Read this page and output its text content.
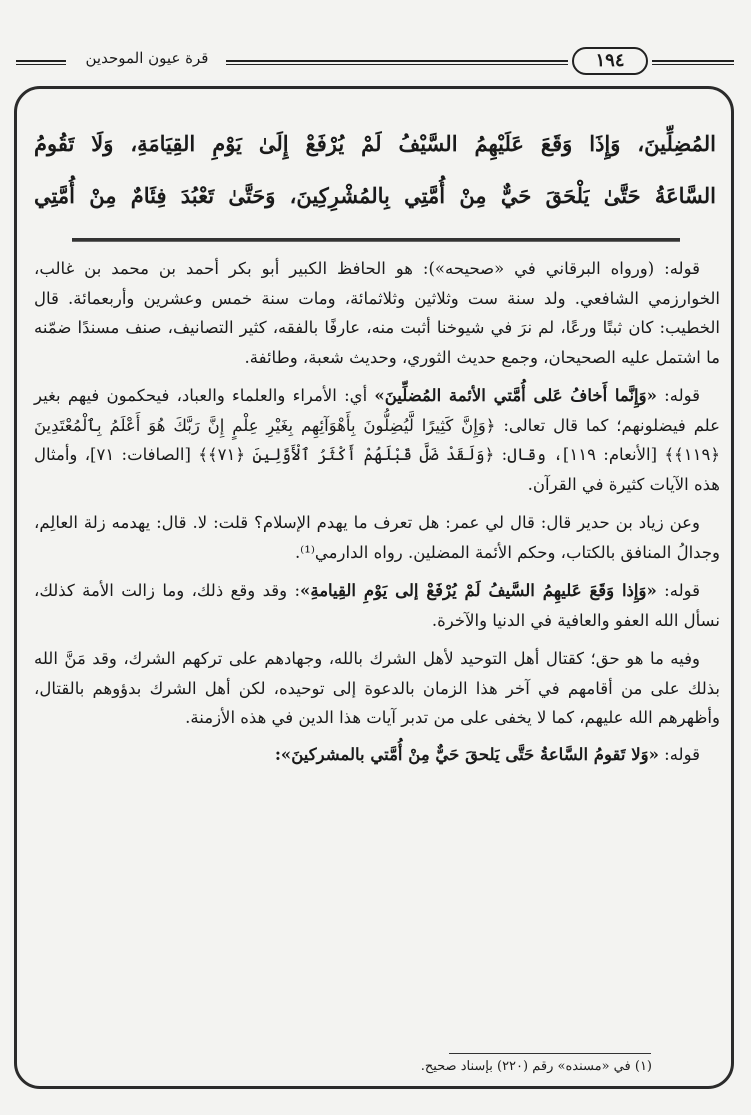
قرة عيون الموحدين	١٩٤
المُضِلِّينَ، وَإِذَا وَقَعَ عَلَيْهِمُ السَّيْفُ لَمْ يُرْفَعْ إِلَىٰ يَوْمِ القِيَامَةِ، وَلَا تَقُومُ
السَّاعَةُ حَتَّىٰ يَلْحَقَ حَيٌّ مِنْ أُمَّتِي بِالمُشْرِكِينَ، وَحَتَّىٰ تَعْبُدَ فِئَامٌ مِنْ أُمَّتِي

قوله: (ورواه البرقاني في «صحيحه»): هو الحافظ الكبير أبو بكر أحمد بن محمد بن غالب، الخوارزمي الشافعي. ولد سنة ست وثلاثين وثلاثمائة، ومات سنة خمس وعشرين وأربعمائة. قال الخطيب: كان ثبتًا ورعًا، لم نرَ في شيوخنا أثبت منه، عارفًا بالفقه، كثير التصانيف، صنف مسندًا ضمّنه ما اشتمل عليه الصحيحان، وجمع حديث الثوري، وحديث شعبة، وطائفة.

قوله: «وَإِنَّما أَخافُ عَلى أُمَّتي الأئمة المُضلِّينَ» أي: الأمراء والعلماء والعباد، فيحكمون فيهم بغير علم فيضلونهم؛ كما قال تعالى: ﴿وَإِنَّ كَثِيرًا لَّيُضِلُّونَ بِأَهْوَآئِهِم بِغَيْرِ عِلْمٍ إِنَّ رَبَّكَ هُوَ أَعْلَمُ بِٱلْمُعْتَدِينَ ﴿١١٩﴾﴾ [الأنعام: ١١٩]، وقال: ﴿وَلَقَدْ ضَلَّ قَبْلَهُمْ أَكْثَرُ ٱلْأَوَّلِينَ ﴿٧١﴾﴾ [الصافات: ٧١]، وأمثال هذه الآيات كثيرة في القرآن.

وعن زياد بن حدير قال: قال لي عمر: هل تعرف ما يهدم الإسلام؟ قلت: لا. قال: يهدمه زلة العالِم، وجدالُ المنافق بالكتاب، وحكم الأئمة المضلين. رواه الدارمي⁽¹⁾.

قوله: «وَإِذا وَقَعَ عَليهِمُ السَّيفُ لَمْ يُرْفَعْ إلى يَوْمِ القِيامةِ»: وقد وقع ذلك، وما زالت الأمة كذلك، نسأل الله العفو والعافية في الدنيا والآخرة.

وفيه ما هو حق؛ كقتال أهل التوحيد لأهل الشرك بالله، وجهادهم على تركهم الشرك، وقد مَنَّ الله بذلك على من أقامهم في آخر هذا الزمان بالدعوة إلى توحيده، لكن أهل الشرك بدؤوهم بالقتال، وأظهرهم الله عليهم، كما لا يخفى على من تدبر آيات هذا الدين في هذه الأزمنة.

قوله: «وَلا تَقومُ السَّاعةُ حَتَّى يَلحقَ حَيٌّ مِنْ أُمَّتي بالمشركينَ»:

(١) في «مسنده» رقم (٢٢٠) بإسناد صحيح.
